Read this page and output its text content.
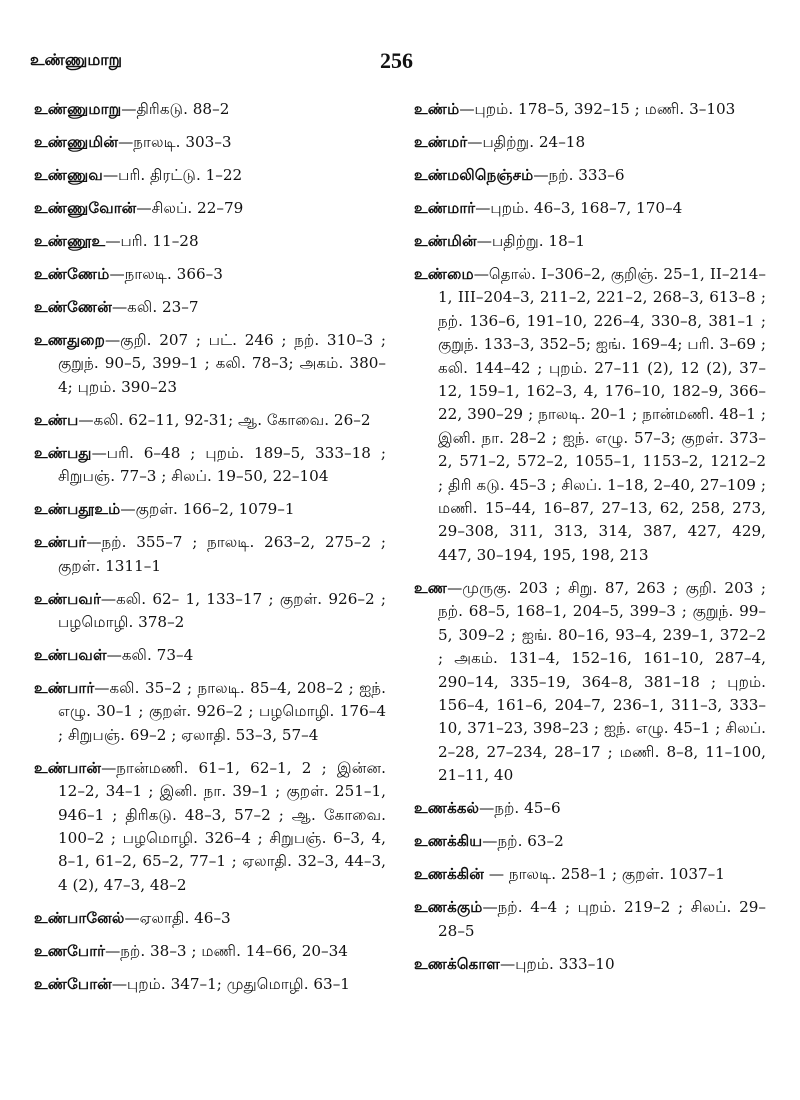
உண்ணுமாறு	256
உண்ணுமாறு—திரிகடு. 88–2
உண்ணுமின்—நாலடி. 303–3
உண்ணுவ—பரி. திரட்டு. 1–22
உண்ணுவோன்—சிலப். 22–79
உண்ணூஉ—பரி. 11–28
உண்ணேம்—நாலடி. 366–3
உண்ணேன்—கலி. 23–7
உணதுறை—குறி. 207 ; பட். 246 ; நற். 310–3 ; குறுந். 90–5, 399–1 ; கலி. 78–3; அகம். 380–4; புறம். 390–23
உண்ப—கலி. 62–11, 92-31; ஆ. கோவை. 26–2
உண்பது—பரி. 6–48 ; புறம். 189–5, 333–18 ; சிறுபஞ். 77–3 ; சிலப். 19–50, 22–104
உண்பதூஉம்—குறள். 166–2, 1079–1
உண்பர்—நற். 355–7 ; நாலடி. 263–2, 275–2 ; குறள். 1311–1
உண்பவர்—கலி. 62– 1, 133–17 ; குறள். 926–2 ; பழமொழி. 378–2
உண்பவள்—கலி. 73–4
உண்பார்—கலி. 35–2 ; நாலடி. 85–4, 208–2 ; ஐந். எழு. 30–1 ; குறள். 926–2 ; பழமொழி. 176–4 ; சிறுபஞ். 69–2 ; ஏலாதி. 53–3, 57–4
உண்பான்—நான்மணி. 61–1, 62–1, 2 ; இன்ன. 12–2, 34–1 ; இனி. நா. 39–1 ; குறள். 251–1, 946–1 ; திரிகடு. 48–3, 57–2 ; ஆ. கோவை. 100–2 ; பழமொழி. 326–4 ; சிறுபஞ். 6–3, 4, 8–1, 61–2, 65–2, 77–1 ; ஏலாதி. 32–3, 44–3, 4 (2), 47–3, 48–2
உண்பானேல்—ஏலாதி. 46–3
உணபோர்—நற். 38–3 ; மணி. 14–66, 20–34
உண்போன்—புறம். 347–1; முதுமொழி. 63–1
உண்ம்—புறம். 178–5, 392–15 ; மணி. 3–103
உண்மர்—பதிற்று. 24–18
உண்மலிநெஞ்சம்—நற். 333–6
உண்மார்—புறம். 46–3, 168–7, 170–4
உண்மின்—பதிற்று. 18–1
உண்மை—தொல். I–306–2, குறிஞ். 25–1, II–214–1, III–204–3, 211–2, 221–2, 268–3, 613–8 ; நற். 136–6, 191–10, 226–4, 330–8, 381–1 ; குறுந். 133–3, 352–5; ஐங். 169–4; பரி. 3–69 ; கலி. 144–42 ; புறம். 27–11 (2), 12 (2), 37–12, 159–1, 162–3, 4, 176–10, 182–9, 366–22, 390–29 ; நாலடி. 20–1 ; நான்மணி. 48–1 ; இனி. நா. 28–2 ; ஐந். எழு. 57–3; குறள். 373–2, 571–2, 572–2, 1055–1, 1153–2, 1212–2 ; திரி கடு. 45–3 ; சிலப். 1–18, 2–40, 27–109 ; மணி. 15–44, 16–87, 27–13, 62, 258, 273, 29–308, 311, 313, 314, 387, 427, 429, 447, 30–194, 195, 198, 213
உண—முருகு. 203 ; சிறு. 87, 263 ; குறி. 203 ; நற். 68–5, 168–1, 204–5, 399–3 ; குறுந். 99–5, 309–2 ; ஐங். 80–16, 93–4, 239–1, 372–2 ; அகம். 131–4, 152–16, 161–10, 287–4, 290–14, 335–19, 364–8, 381–18 ; புறம். 156–4, 161–6, 204–7, 236–1, 311–3, 333–10, 371–23, 398–23 ; ஐந். எழு. 45–1 ; சிலப். 2–28, 27–234, 28–17 ; மணி. 8–8, 11–100, 21–11, 40
உணக்கல்—நற். 45–6
உணக்கிய—நற். 63–2
உணக்கின் — நாலடி. 258–1 ; குறள். 1037–1
உணக்கும்—நற். 4–4 ; புறம். 219–2 ; சிலப். 29–28–5
உணக்கொள—புறம். 333–10
